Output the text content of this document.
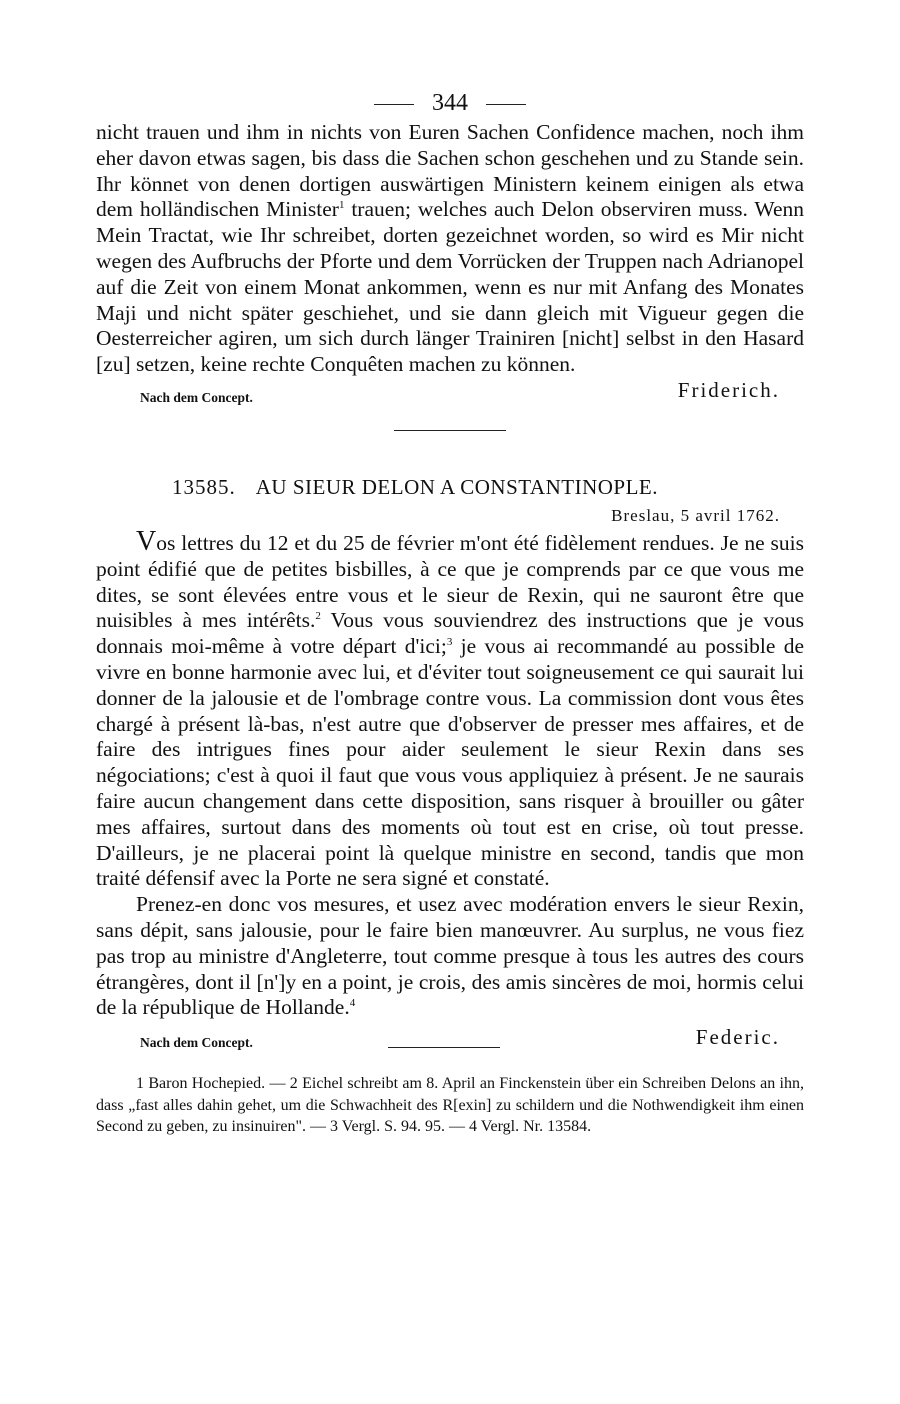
344

nicht trauen und ihm in nichts von Euren Sachen Confidence machen, noch ihm eher davon etwas sagen, bis dass die Sachen schon geschehen und zu Stande sein. Ihr könnet von denen dortigen auswärtigen Ministern keinem einigen als etwa dem holländischen Minister$^1$ trauen; welches auch Delon observiren muss. Wenn Mein Tractat, wie Ihr schreibet, dorten gezeichnet worden, so wird es Mir nicht wegen des Aufbruchs der Pforte und dem Vorrücken der Truppen nach Adrianopel auf die Zeit von einem Monat ankommen, wenn es nur mit Anfang des Monates Maji und nicht später geschiehet, und sie dann gleich mit Vigueur gegen die Oesterreicher agiren, um sich durch länger Trainiren [nicht] selbst in den Hasard [zu] setzen, keine rechte Conquêten machen zu können.

Nach dem Concept.	Friderich.
13585. AU SIEUR DELON A CONSTANTINOPLE.
Breslau, 5 avril 1762.

Vos lettres du 12 et du 25 de février m'ont été fidèlement rendues. Je ne suis point édifié que de petites bisbilles, à ce que je comprends par ce que vous me dites, se sont élevées entre vous et le sieur de Rexin, qui ne sauront être que nuisibles à mes intérêts.$^2$ Vous vous souviendrez des instructions que je vous donnais moi-même à votre départ d'ici;$^3$ je vous ai recommandé au possible de vivre en bonne harmonie avec lui, et d'éviter tout soigneusement ce qui saurait lui donner de la jalousie et de l'ombrage contre vous. La commission dont vous êtes chargé à présent là-bas, n'est autre que d'observer de presser mes affaires, et de faire des intrigues fines pour aider seulement le sieur Rexin dans ses négociations; c'est à quoi il faut que vous vous appliquiez à présent. Je ne saurais faire aucun changement dans cette disposition, sans risquer à brouiller ou gâter mes affaires, surtout dans des moments où tout est en crise, où tout presse. D'ailleurs, je ne placerai point là quelque ministre en second, tandis que mon traité défensif avec la Porte ne sera signé et constaté.

Prenez-en donc vos mesures, et usez avec modération envers le sieur Rexin, sans dépit, sans jalousie, pour le faire bien manœuvrer. Au surplus, ne vous fiez pas trop au ministre d'Angleterre, tout comme presque à tous les autres des cours étrangères, dont il [n']y en a point, je crois, des amis sincères de moi, hormis celui de la république de Hollande.$^4$

Nach dem Concept.	Federic.

1 Baron Hochepied. — 2 Eichel schreibt am 8. April an Finckenstein über ein Schreiben Delons an ihn, dass „fast alles dahin gehet, um die Schwachheit des R[exin] zu schildern und die Nothwendigkeit ihm einen Second zu geben, zu insinuiren". — 3 Vergl. S. 94. 95. — 4 Vergl. Nr. 13584.
